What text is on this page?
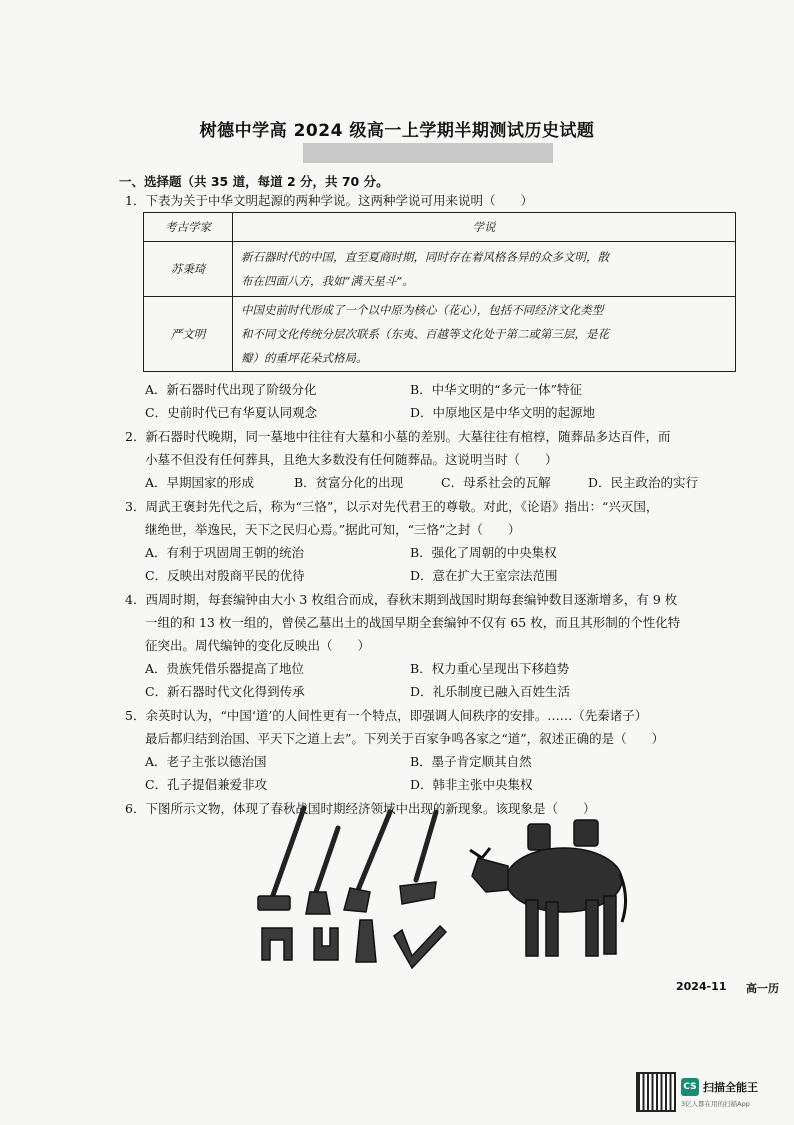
树德中学高 2024 级高一上学期半期测试历史试题
一、选择题（共 35 道，每道 2 分，共 70 分。
1．下表为关于中华文明起源的两种学说。这两种学说可用来说明（　　）
考古学家	学说
苏秉琦	新石器时代的中国，直至夏商时期，同时存在着风格各异的众多文明，散
布在四面八方，我如“满天星斗”。

严文明	中国史前时代形成了一个以中原为核心（花心），包括不同经济文化类型
和不同文化传统分层次联系（东夷、百越等文化处于第二或第三层，是花
瓣）的重坪花朵式格局。
A．新石器时代出现了阶级分化	B．中华文明的“多元一体”特征
C．史前时代已有华夏认同观念	D．中原地区是中华文明的起源地
2．新石器时代晚期，同一墓地中往往有大墓和小墓的差别。大墓往往有棺椁，随葬品多达百件，而
小墓不但没有任何葬具，且绝大多数没有任何随葬品。这说明当时（　　）
A．早期国家的形成	B．贫富分化的出现	C．母系社会的瓦解	D．民主政治的实行
3．周武王褒封先代之后，称为“三恪”，以示对先代君王的尊敬。对此，《论语》指出：“兴灭国，
继绝世，举逸民，天下之民归心焉。”据此可知，“三恪”之封（　　）
A．有利于巩固周王朝的统治	B．强化了周朝的中央集权
C．反映出对殷商平民的优待	D．意在扩大王室宗法范围
4．西周时期，每套编钟由大小 3 枚组合而成，春秋末期到战国时期每套编钟数目逐渐增多，有 9 枚
一组的和 13 枚一组的，曾侯乙墓出土的战国早期全套编钟不仅有 65 枚，而且其形制的个性化特
征突出。周代编钟的变化反映出（　　）
A．贵族凭借乐器提高了地位	B．权力重心呈现出下移趋势
C．新石器时代文化得到传承	D．礼乐制度已融入百姓生活
5．余英时认为，“中国‘道’的人间性更有一个特点，即强调人间秩序的安排。……（先秦诸子）
最后都归结到治国、平天下之道上去”。下列关于百家争鸣各家之“道”，叙述正确的是（　　）
A．老子主张以德治国	B．墨子肯定顺其自然
C．孔子提倡兼爱非攻	D．韩非主张中央集权
6．下图所示文物，体现了春秋战国时期经济领域中出现的新现象。该现象是（　　）
2024-11 高一历
CS 扫描全能王
3亿人都在用的扫描App
